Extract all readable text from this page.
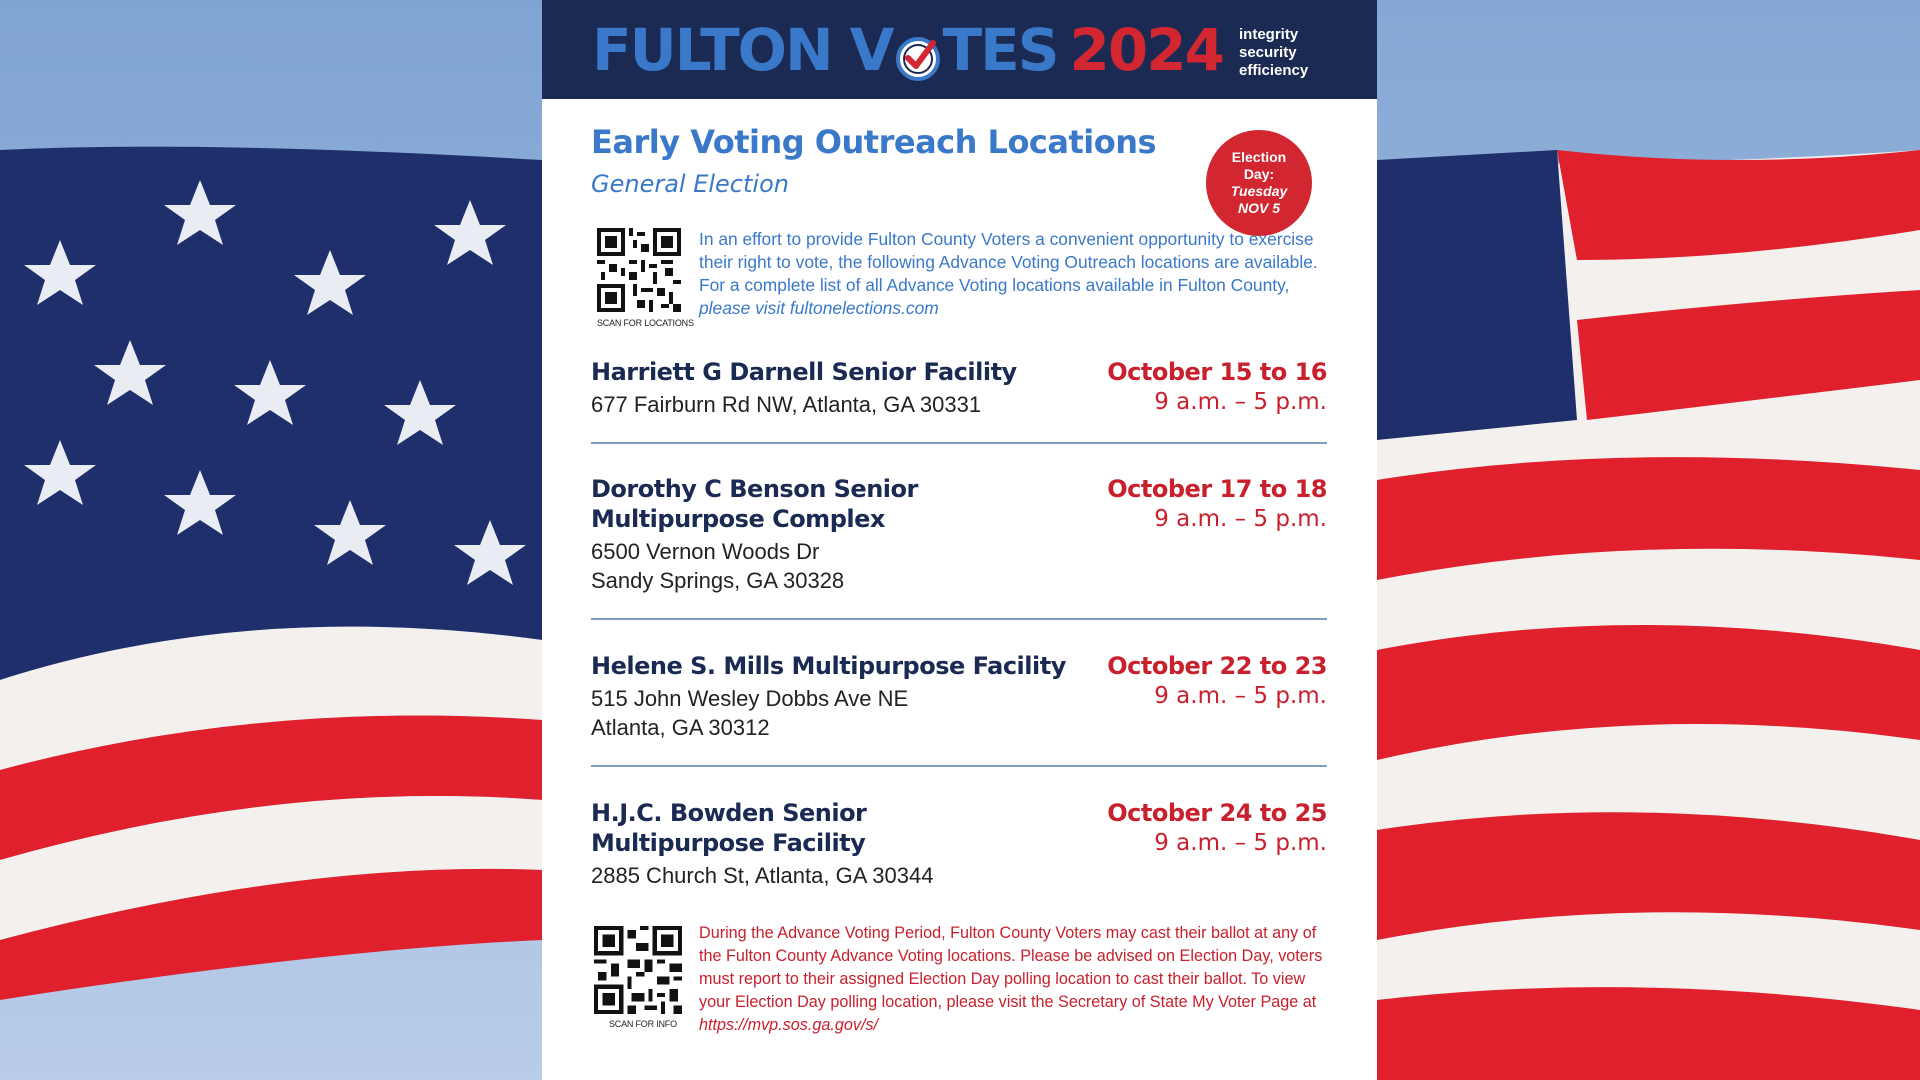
FULTON V TES 2024 integrity
security
efficiency
Early Voting Outreach Locations
General Election
Election
Day:
Tuesday
NOV 5
SCAN FOR LOCATIONS
In an effort to provide Fulton County Voters a convenient opportunity to exercise their right to vote, the following Advance Voting Outreach locations are available. For a complete list of all Advance Voting locations available in Fulton County, please visit fultonelections.com
Harriett G Darnell Senior Facility
677 Fairburn Rd NW, Atlanta, GA 30331
October 15 to 16
9 a.m. – 5 p.m.
Dorothy C Benson Senior
Multipurpose Complex
6500 Vernon Woods Dr
Sandy Springs, GA 30328
October 17 to 18
9 a.m. – 5 p.m.
Helene S. Mills Multipurpose Facility
515 John Wesley Dobbs Ave NE
Atlanta, GA 30312
October 22 to 23
9 a.m. – 5 p.m.
H.J.C. Bowden Senior
Multipurpose Facility
2885 Church St, Atlanta, GA 30344
October 24 to 25
9 a.m. – 5 p.m.
SCAN FOR INFO
During the Advance Voting Period, Fulton County Voters may cast their ballot at any of the Fulton County Advance Voting locations. Please be advised on Election Day, voters must report to their assigned Election Day polling location to cast their ballot. To view your Election Day polling location, please visit the Secretary of State My Voter Page at https://mvp.sos.ga.gov/s/
